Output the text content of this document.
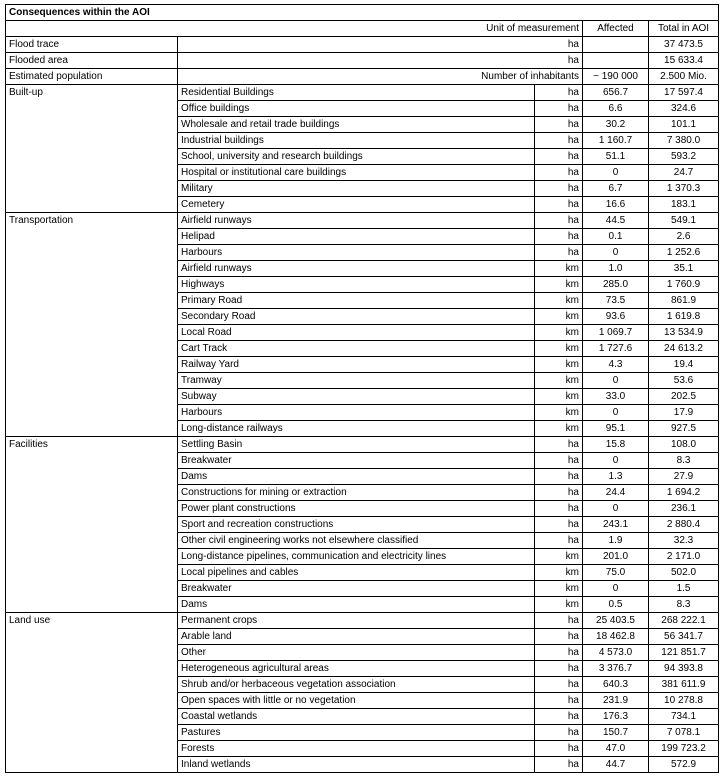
Consequences within the AOI				
Unit of measurement			Affected	Total in AOI
Flood trace	ha			37 473.5
Flooded area	ha			15 633.4
Estimated population	Number of inhabitants		~ 190 000	2.500 Mio.
Built-up	Residential Buildings	ha	656.7	17 597.4
	Office buildings	ha	6.6	324.6
	Wholesale and retail trade buildings	ha	30.2	101.1
	Industrial buildings	ha	1 160.7	7 380.0
	School, university and research buildings	ha	51.1	593.2
	Hospital or institutional care buildings	ha	0	24.7
	Military	ha	6.7	1 370.3
	Cemetery	ha	16.6	183.1
Transportation	Airfield runways	ha	44.5	549.1
	Helipad	ha	0.1	2.6
	Harbours	ha	0	1 252.6
	Airfield runways	km	1.0	35.1
	Highways	km	285.0	1 760.9
	Primary Road	km	73.5	861.9
	Secondary Road	km	93.6	1 619.8
	Local Road	km	1 069.7	13 534.9
	Cart Track	km	1 727.6	24 613.2
	Railway Yard	km	4.3	19.4
	Tramway	km	0	53.6
	Subway	km	33.0	202.5
	Harbours	km	0	17.9
	Long-distance railways	km	95.1	927.5
Facilities	Settling Basin	ha	15.8	108.0
	Breakwater	ha	0	8.3
	Dams	ha	1.3	27.9
	Constructions for mining or extraction	ha	24.4	1 694.2
	Power plant constructions	ha	0	236.1
	Sport and recreation constructions	ha	243.1	2 880.4
	Other civil engineering works not elsewhere classified	ha	1.9	32.3
	Long-distance pipelines, communication and electricity lines	km	201.0	2 171.0
	Local pipelines and cables	km	75.0	502.0
	Breakwater	km	0	1.5
	Dams	km	0.5	8.3
Land use	Permanent crops	ha	25 403.5	268 222.1
	Arable land	ha	18 462.8	56 341.7
	Other	ha	4 573.0	121 851.7
	Heterogeneous agricultural areas	ha	3 376.7	94 393.8
	Shrub and/or herbaceous vegetation association	ha	640.3	381 611.9
	Open spaces with little or no vegetation	ha	231.9	10 278.8
	Coastal wetlands	ha	176.3	734.1
	Pastures	ha	150.7	7 078.1
	Forests	ha	47.0	199 723.2
	Inland wetlands	ha	44.7	572.9
